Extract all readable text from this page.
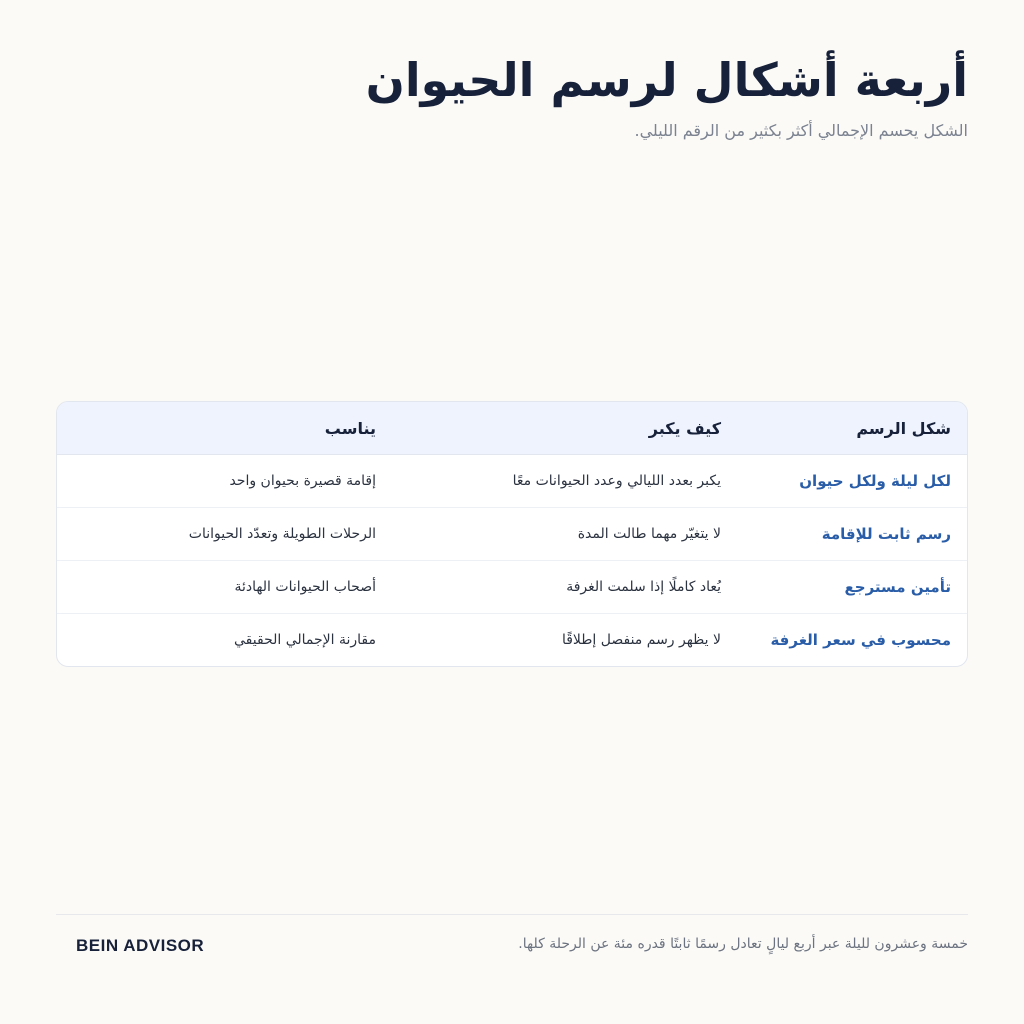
أربعة أشكال لرسم الحيوان

الشكل يحسم الإجمالي أكثر بكثير من الرقم الليلي.

شكل الرسم	كيف يكبر	يناسب
لكل ليلة ولكل حيوان	يكبر بعدد الليالي وعدد الحيوانات معًا	إقامة قصيرة بحيوان واحد
رسم ثابت للإقامة	لا يتغيّر مهما طالت المدة	الرحلات الطويلة وتعدّد الحيوانات
تأمين مسترجع	يُعاد كاملًا إذا سلمت الغرفة	أصحاب الحيوانات الهادئة
محسوب في سعر الغرفة	لا يظهر رسم منفصل إطلاقًا	مقارنة الإجمالي الحقيقي
خمسة وعشرون لليلة عبر أربع ليالٍ تعادل رسمًا ثابتًا قدره مئة عن الرحلة كلها.
BEIN ADVISOR
